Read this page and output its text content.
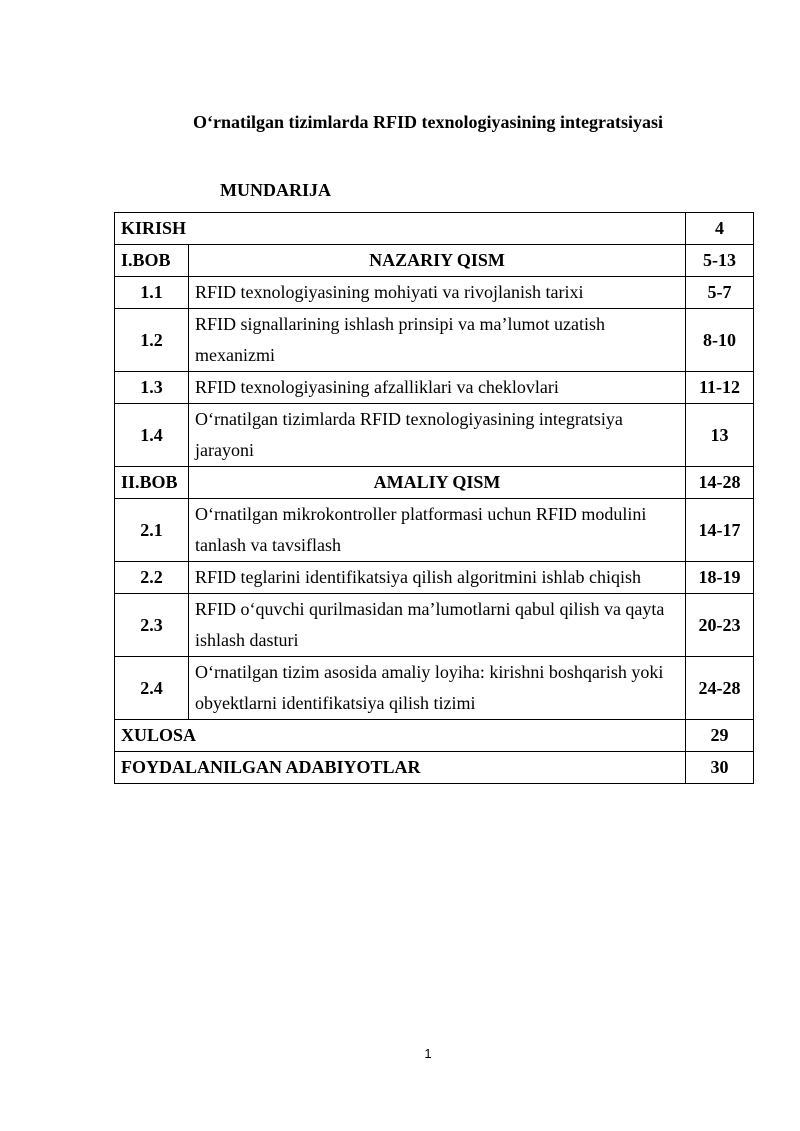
O‘rnatilgan tizimlarda RFID texnologiyasining integratsiyasi
MUNDARIJA
KIRISH		4
I.BOB	NAZARIY QISM	5-13
1.1	RFID texnologiyasining mohiyati va rivojlanish tarixi	5-7
1.2	RFID signallarining ishlash prinsipi va ma’lumot uzatish mexanizmi	8-10
1.3	RFID texnologiyasining afzalliklari va cheklovlari	11-12
1.4	O‘rnatilgan tizimlarda RFID texnologiyasining integratsiya jarayoni	13
II.BOB	AMALIY QISM	14-28
2.1	O‘rnatilgan mikrokontroller platformasi uchun RFID modulini tanlash va tavsiflash	14-17
2.2	RFID teglarini identifikatsiya qilish algoritmini ishlab chiqish	18-19
2.3	RFID o‘quvchi qurilmasidan ma’lumotlarni qabul qilish va qayta ishlash dasturi	20-23
2.4	O‘rnatilgan tizim asosida amaliy loyiha: kirishni boshqarish yoki obyektlarni identifikatsiya qilish tizimi	24-28
XULOSA		29
FOYDALANILGAN ADABIYOTLAR		30
1
